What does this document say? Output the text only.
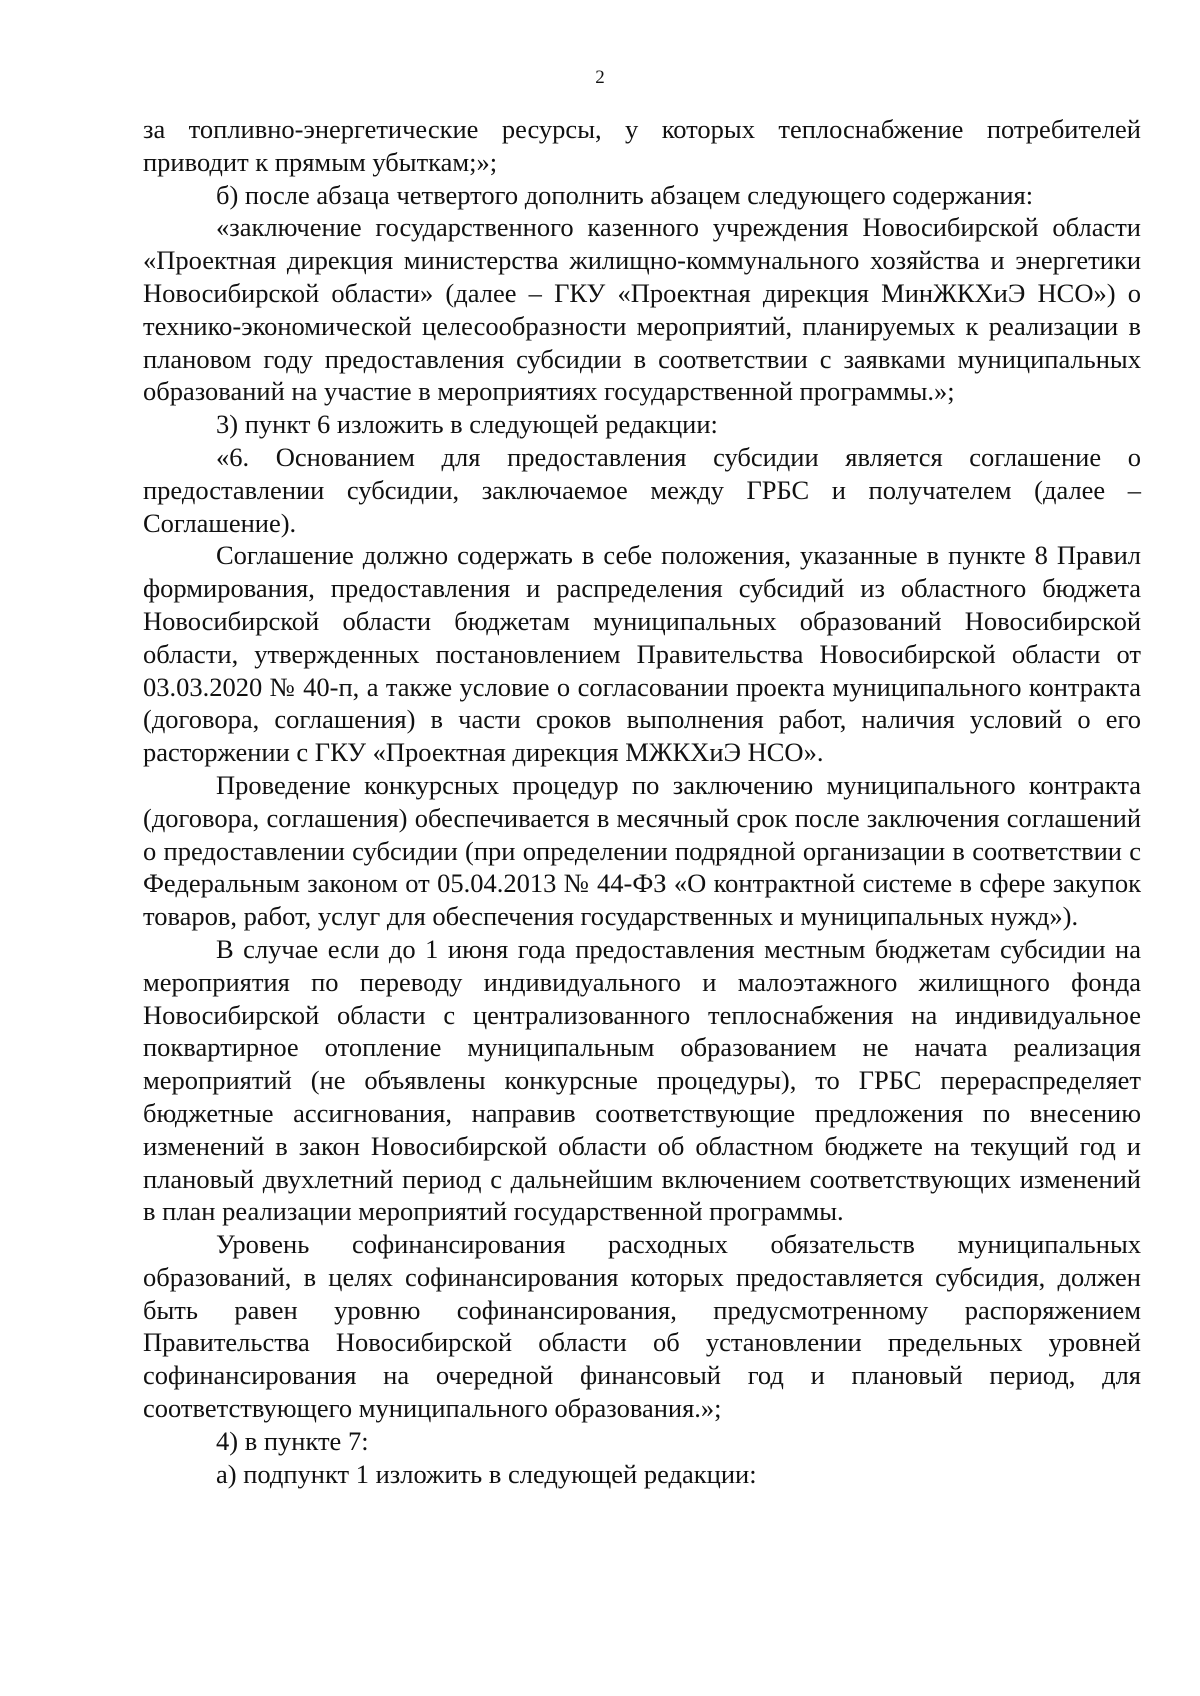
2

за топливно-энергетические ресурсы, у которых теплоснабжение потребителей приводит к прямым убыткам;»;

б) после абзаца четвертого дополнить абзацем следующего содержания:

«заключение государственного казенного учреждения Новосибирской области «Проектная дирекция министерства жилищно-коммунального хозяйства и энергетики Новосибирской области» (далее – ГКУ «Проектная дирекция МинЖКХиЭ НСО») о технико-экономической целесообразности мероприятий, планируемых к реализации в плановом году предоставления субсидии в соответствии с заявками муниципальных образований на участие в мероприятиях государственной программы.»;

3) пункт 6 изложить в следующей редакции:

«6. Основанием для предоставления субсидии является соглашение о предоставлении субсидии, заключаемое между ГРБС и получателем (далее – Соглашение).

Соглашение должно содержать в себе положения, указанные в пункте 8 Правил формирования, предоставления и распределения субсидий из областного бюджета Новосибирской области бюджетам муниципальных образований Новосибирской области, утвержденных постановлением Правительства Новосибирской области от 03.03.2020 № 40-п, а также условие о согласовании проекта муниципального контракта (договора, соглашения) в части сроков выполнения работ, наличия условий о его расторжении с ГКУ «Проектная дирекция МЖКХиЭ НСО».

Проведение конкурсных процедур по заключению муниципального контракта (договора, соглашения) обеспечивается в месячный срок после заключения соглашений о предоставлении субсидии (при определении подрядной организации в соответствии с Федеральным законом от 05.04.2013 № 44-ФЗ «О контрактной системе в сфере закупок товаров, работ, услуг для обеспечения государственных и муниципальных нужд»).

В случае если до 1 июня года предоставления местным бюджетам субсидии на мероприятия по переводу индивидуального и малоэтажного жилищного фонда Новосибирской области с централизованного теплоснабжения на индивидуальное поквартирное отопление муниципальным образованием не начата реализация мероприятий (не объявлены конкурсные процедуры), то ГРБС перераспределяет бюджетные ассигнования, направив соответствующие предложения по внесению изменений в закон Новосибирской области об областном бюджете на текущий год и плановый двухлетний период с дальнейшим включением соответствующих изменений в план реализации мероприятий государственной программы.

Уровень софинансирования расходных обязательств муниципальных образований, в целях софинансирования которых предоставляется субсидия, должен быть равен уровню софинансирования, предусмотренному распоряжением Правительства Новосибирской области об установлении предельных уровней софинансирования на очередной финансовый год и плановый период, для соответствующего муниципального образования.»;

4) в пункте 7:

а) подпункт 1 изложить в следующей редакции:
